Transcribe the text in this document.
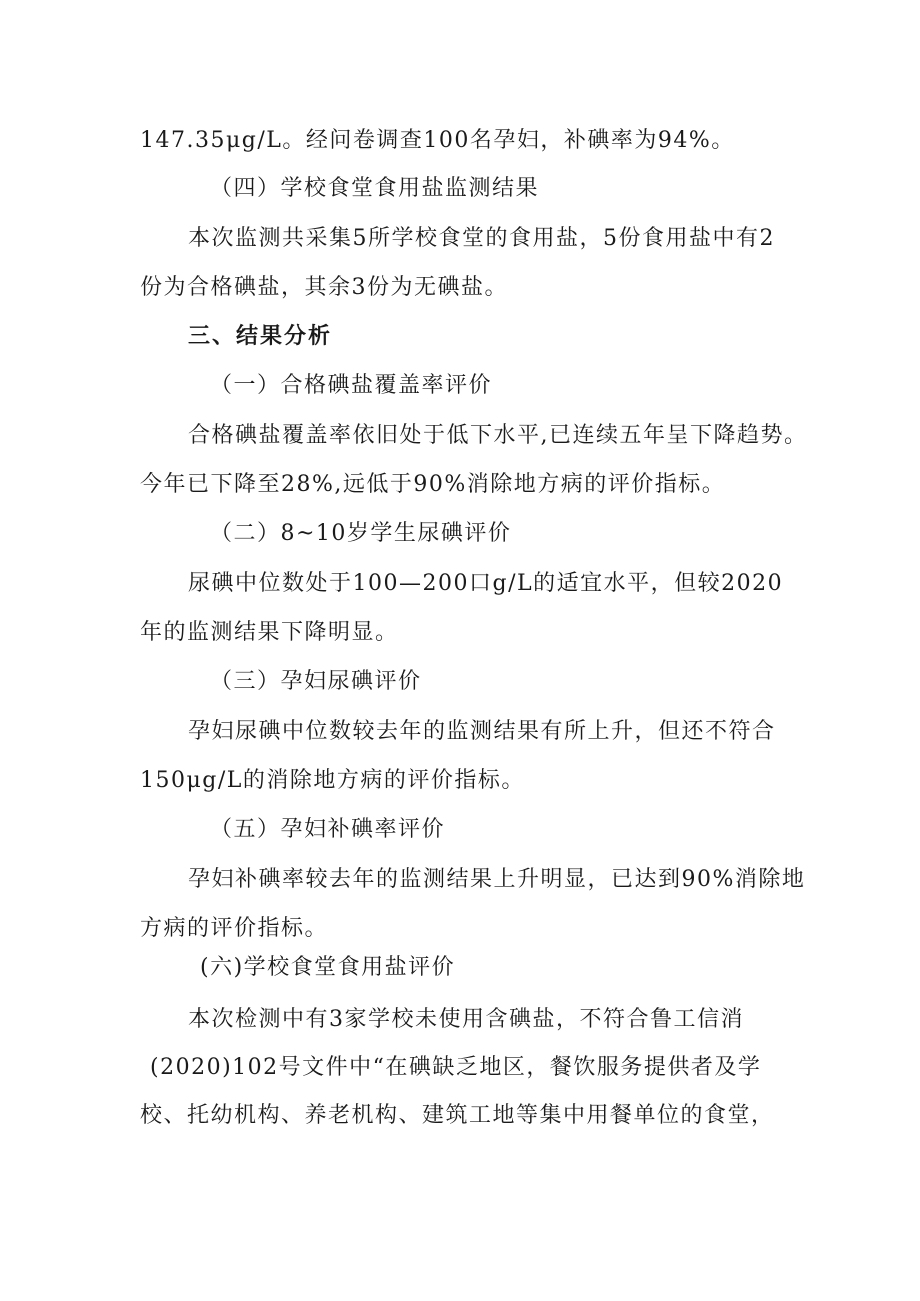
147.35μg/L。经问卷调查100名孕妇，补碘率为94%。
（四）学校食堂食用盐监测结果
本次监测共采集5所学校食堂的食用盐，5份食用盐中有2
份为合格碘盐，其余3份为无碘盐。
三、结果分析
（一）合格碘盐覆盖率评价
合格碘盐覆盖率依旧处于低下水平,已连续五年呈下降趋势。
今年已下降至28%,远低于90%消除地方病的评价指标。
（二）8~10岁学生尿碘评价
尿碘中位数处于100—200口g/L的适宜水平，但较2020
年的监测结果下降明显。
（三）孕妇尿碘评价
孕妇尿碘中位数较去年的监测结果有所上升，但还不符合
150μg/L的消除地方病的评价指标。
（五）孕妇补碘率评价
孕妇补碘率较去年的监测结果上升明显，已达到90%消除地
方病的评价指标。
(六)学校食堂食用盐评价
本次检测中有3家学校未使用含碘盐，不符合鲁工信消
(2020)102号文件中“在碘缺乏地区，餐饮服务提供者及学
校、托幼机构、养老机构、建筑工地等集中用餐单位的食堂，
